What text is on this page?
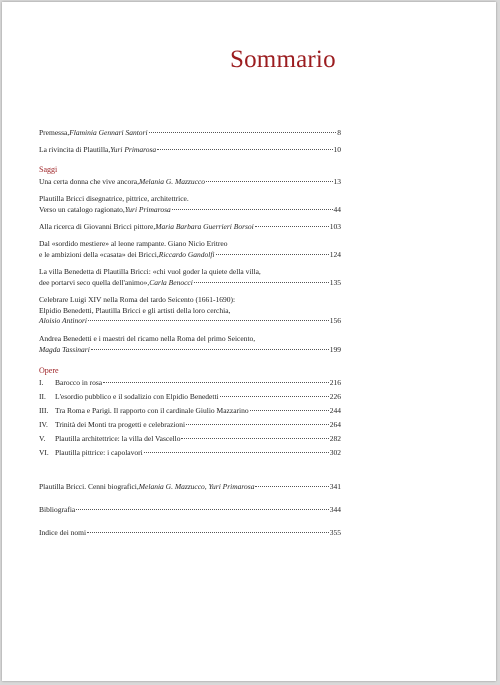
Sommario
Premessa, Flaminia Gennari Santori	8
La rivincita di Plautilla, Yuri Primarosa	10
Saggi
Una certa donna che vive ancora, Melania G. Mazzucco	13
Plautilla Bricci disegnatrice, pittrice, architettrice.
Verso un catalogo ragionato, Yuri Primarosa	44
Alla ricerca di Giovanni Bricci pittore, Maria Barbara Guerrieri Borsoi	103
Dal «sordido mestiere» al leone rampante. Giano Nicio Eritreo
e le ambizioni della «casata» dei Bricci, Riccardo Gandolfi	124
La villa Benedetta di Plautilla Bricci: «chi vuol goder la quiete della villa,
dee portarvi seco quella dell'animo», Carla Benocci	135
Celebrare Luigi XIV nella Roma del tardo Seicento (1661-1690):
Elpidio Benedetti, Plautilla Bricci e gli artisti della loro cerchia,
Aloisio Antinori	156
Andrea Benedetti e i maestri del ricamo nella Roma del primo Seicento,
Magda Tassinari	199
Opere
I.	Barocco in rosa	216
II.	L'esordio pubblico e il sodalizio con Elpidio Benedetti	226
III. Tra Roma e Parigi. Il rapporto con il cardinale Giulio Mazzarino	244
IV. Trinità dei Monti tra progetti e celebrazioni	264
V.	Plautilla architettrice: la villa del Vascello	282
VI. Plautilla pittrice: i capolavori	302
Plautilla Bricci. Cenni biografici, Melania G. Mazzucco, Yuri Primarosa	341
Bibliografia	344
Indice dei nomi	355
